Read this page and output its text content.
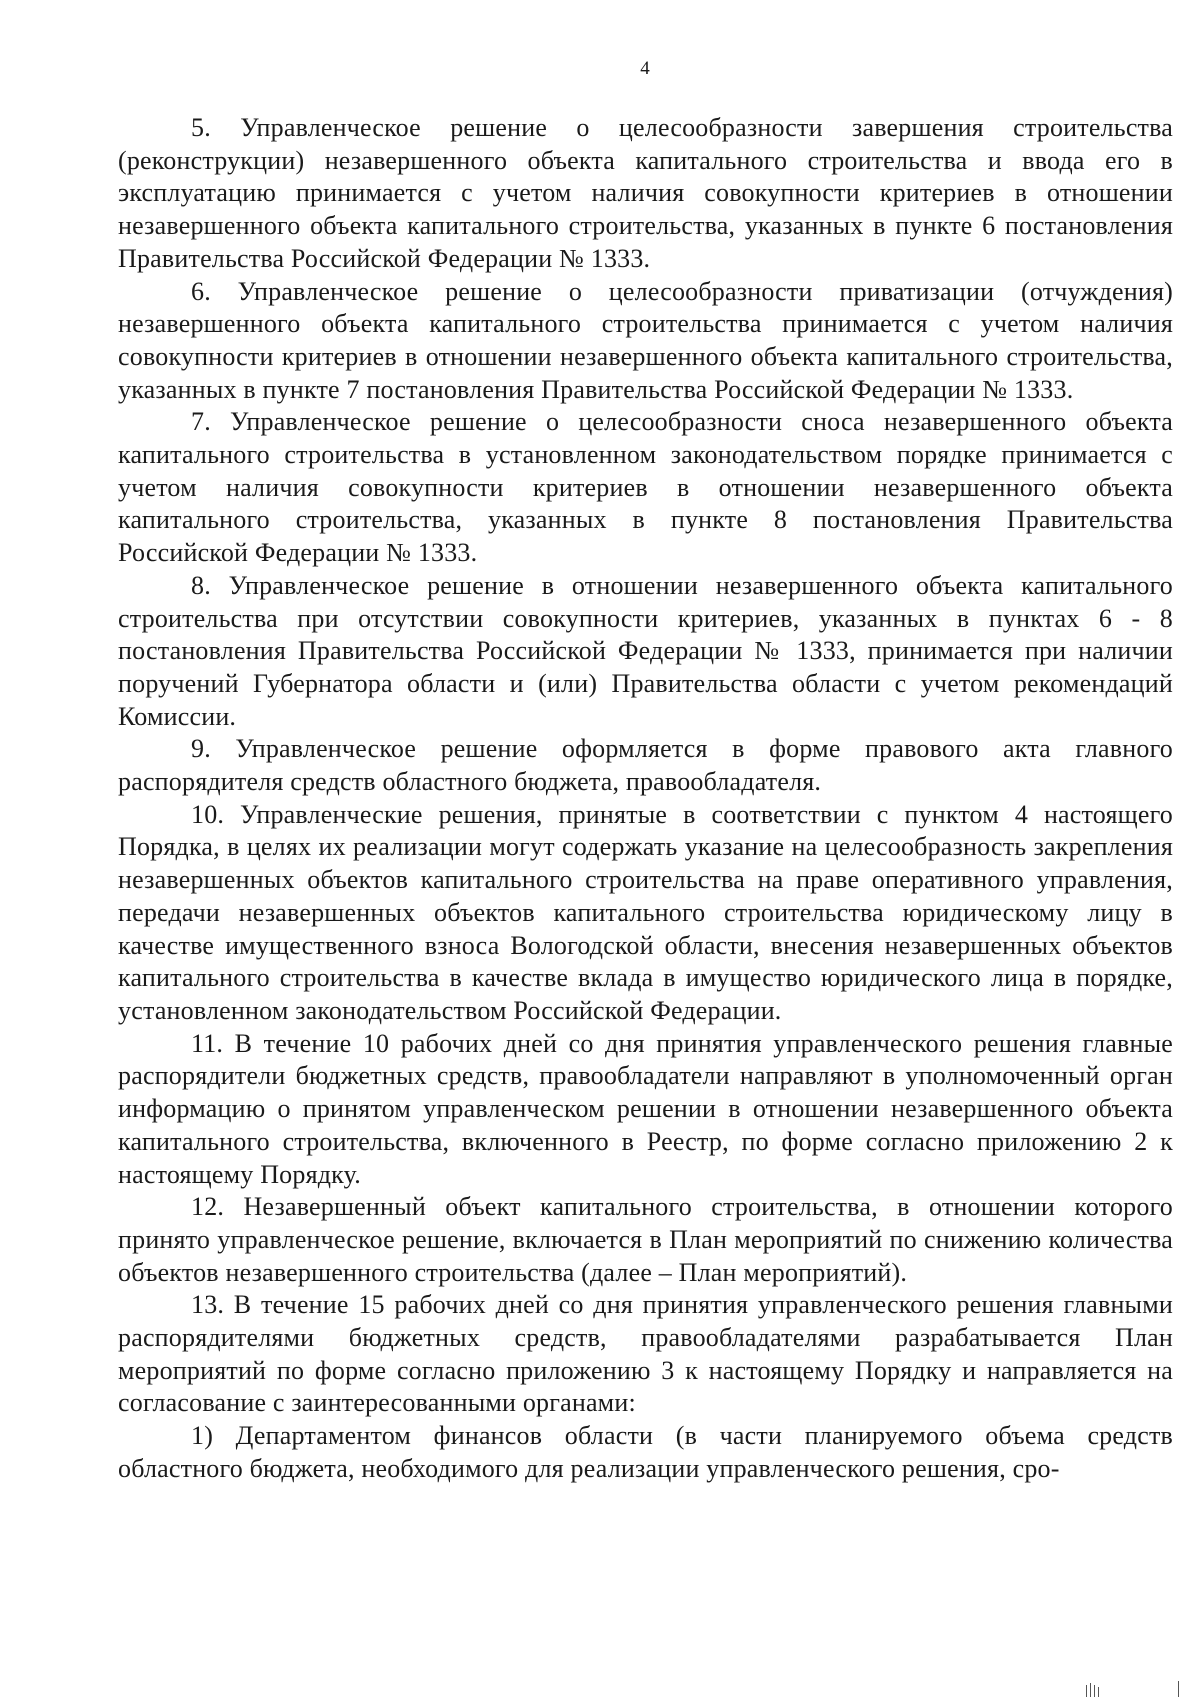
4

5. Управленческое решение о целесообразности завершения строительства (реконструкции) незавершенного объекта капитального строительства и ввода его в эксплуатацию принимается с учетом наличия совокупности критериев в отношении незавершенного объекта капитального строительства, указанных в пункте 6 постановления Правительства Российской Федерации № 1333.

6. Управленческое решение о целесообразности приватизации (отчуждения) незавершенного объекта капитального строительства принимается с учетом наличия совокупности критериев в отношении незавершенного объекта капитального строительства, указанных в пункте 7 постановления Правительства Российской Федерации № 1333.

7. Управленческое решение о целесообразности сноса незавершенного объекта капитального строительства в установленном законодательством порядке принимается с учетом наличия совокупности критериев в отношении незавершенного объекта капитального строительства, указанных в пункте 8 постановления Правительства Российской Федерации № 1333.

8. Управленческое решение в отношении незавершенного объекта капитального строительства при отсутствии совокупности критериев, указанных в пунктах 6 - 8 постановления Правительства Российской Федерации № 1333, принимается при наличии поручений Губернатора области и (или) Правительства области с учетом рекомендаций Комиссии.

9. Управленческое решение оформляется в форме правового акта главного распорядителя средств областного бюджета, правообладателя.

10. Управленческие решения, принятые в соответствии с пунктом 4 настоящего Порядка, в целях их реализации могут содержать указание на целесообразность закрепления незавершенных объектов капитального строительства на праве оперативного управления, передачи незавершенных объектов капитального строительства юридическому лицу в качестве имущественного взноса Вологодской области, внесения незавершенных объектов капитального строительства в качестве вклада в имущество юридического лица в порядке, установленном законодательством Российской Федерации.

11. В течение 10 рабочих дней со дня принятия управленческого решения главные распорядители бюджетных средств, правообладатели направляют в уполномоченный орган информацию о принятом управленческом решении в отношении незавершенного объекта капитального строительства, включенного в Реестр, по форме согласно приложению 2 к настоящему Порядку.

12. Незавершенный объект капитального строительства, в отношении которого принято управленческое решение, включается в План мероприятий по снижению количества объектов незавершенного строительства (далее – План мероприятий).

13. В течение 15 рабочих дней со дня принятия управленческого решения главными распорядителями бюджетных средств, правообладателями разрабатывается План мероприятий по форме согласно приложению 3 к настоящему Порядку и направляется на согласование с заинтересованными органами:

1) Департаментом финансов области (в части планируемого объема средств областного бюджета, необходимого для реализации управленческого решения, сро-
